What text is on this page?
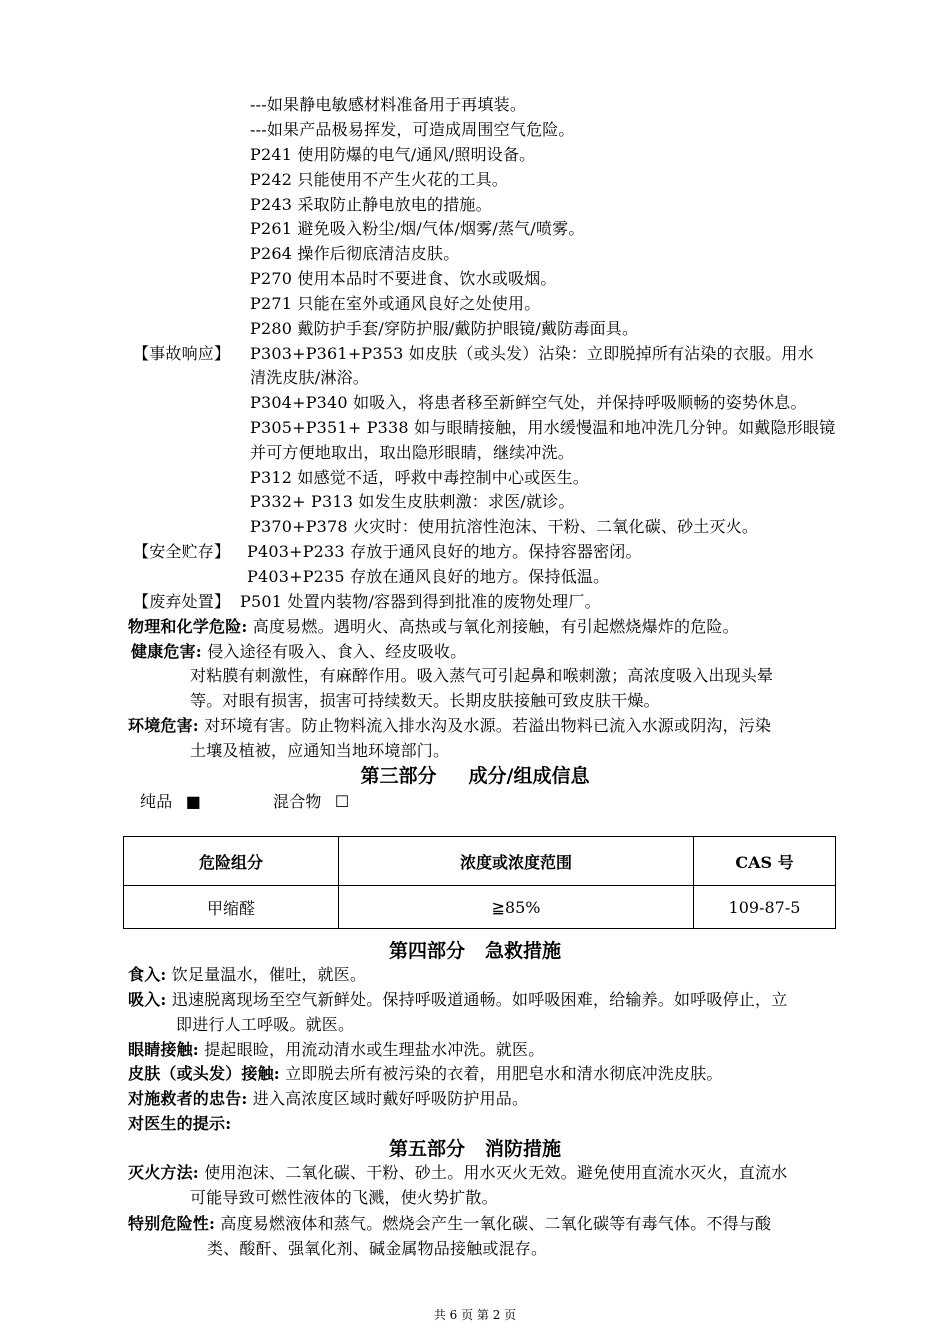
---如果静电敏感材料准备用于再填装。
---如果产品极易挥发，可造成周围空气危险。
P241 使用防爆的电气/通风/照明设备。
P242 只能使用不产生火花的工具。
P243 采取防止静电放电的措施。
P261 避免吸入粉尘/烟/气体/烟雾/蒸气/喷雾。
P264 操作后彻底清洁皮肤。
P270 使用本品时不要进食、饮水或吸烟。
P271 只能在室外或通风良好之处使用。
P280 戴防护手套/穿防护服/戴防护眼镜/戴防毒面具。
【事故响应】 P303+P361+P353 如皮肤（或头发）沾染：立即脱掉所有沾染的衣服。用水
清洗皮肤/淋浴。
P304+P340 如吸入，将患者移至新鲜空气处，并保持呼吸顺畅的姿势休息。
P305+P351+ P338 如与眼睛接触，用水缓慢温和地冲洗几分钟。如戴隐形眼镜
并可方便地取出，取出隐形眼睛，继续冲洗。
P312 如感觉不适，呼救中毒控制中心或医生。
P332+ P313 如发生皮肤刺激：求医/就诊。
P370+P378 火灾时：使用抗溶性泡沫、干粉、二氧化碳、砂土灭火。
【安全贮存】 P403+P233 存放于通风良好的地方。保持容器密闭。
P403+P235 存放在通风良好的地方。保持低温。
【废弃处置】 P501 处置内装物/容器到得到批准的废物处理厂。
物理和化学危险: 高度易燃。遇明火、高热或与氧化剂接触，有引起燃烧爆炸的危险。
健康危害: 侵入途径有吸入、食入、经皮吸收。
对粘膜有刺激性，有麻醉作用。吸入蒸气可引起鼻和喉刺激；高浓度吸入出现头晕
等。对眼有损害，损害可持续数天。长期皮肤接触可致皮肤干燥。
环境危害: 对环境有害。防止物料流入排水沟及水源。若溢出物料已流入水源或阴沟，污染
土壤及植被，应通知当地环境部门。
第三部分 成分/组成信息
纯品 ■	混合物 ☐
危险组分	浓度或浓度范围	CAS 号
甲缩醛	≧85%	109-87-5
第四部分 急救措施
食入: 饮足量温水，催吐，就医。
吸入: 迅速脱离现场至空气新鲜处。保持呼吸道通畅。如呼吸困难，给输养。如呼吸停止，立
即进行人工呼吸。就医。
眼睛接触: 提起眼睑，用流动清水或生理盐水冲洗。就医。
皮肤（或头发）接触: 立即脱去所有被污染的衣着，用肥皂水和清水彻底冲洗皮肤。
对施救者的忠告: 进入高浓度区域时戴好呼吸防护用品。
对医生的提示:
第五部分 消防措施
灭火方法: 使用泡沫、二氧化碳、干粉、砂土。用水灭火无效。避免使用直流水灭火，直流水
可能导致可燃性液体的飞溅，使火势扩散。
特别危险性: 高度易燃液体和蒸气。燃烧会产生一氧化碳、二氧化碳等有毒气体。不得与酸
类、酸酐、强氧化剂、碱金属物品接触或混存。
共 6 页 第 2 页
